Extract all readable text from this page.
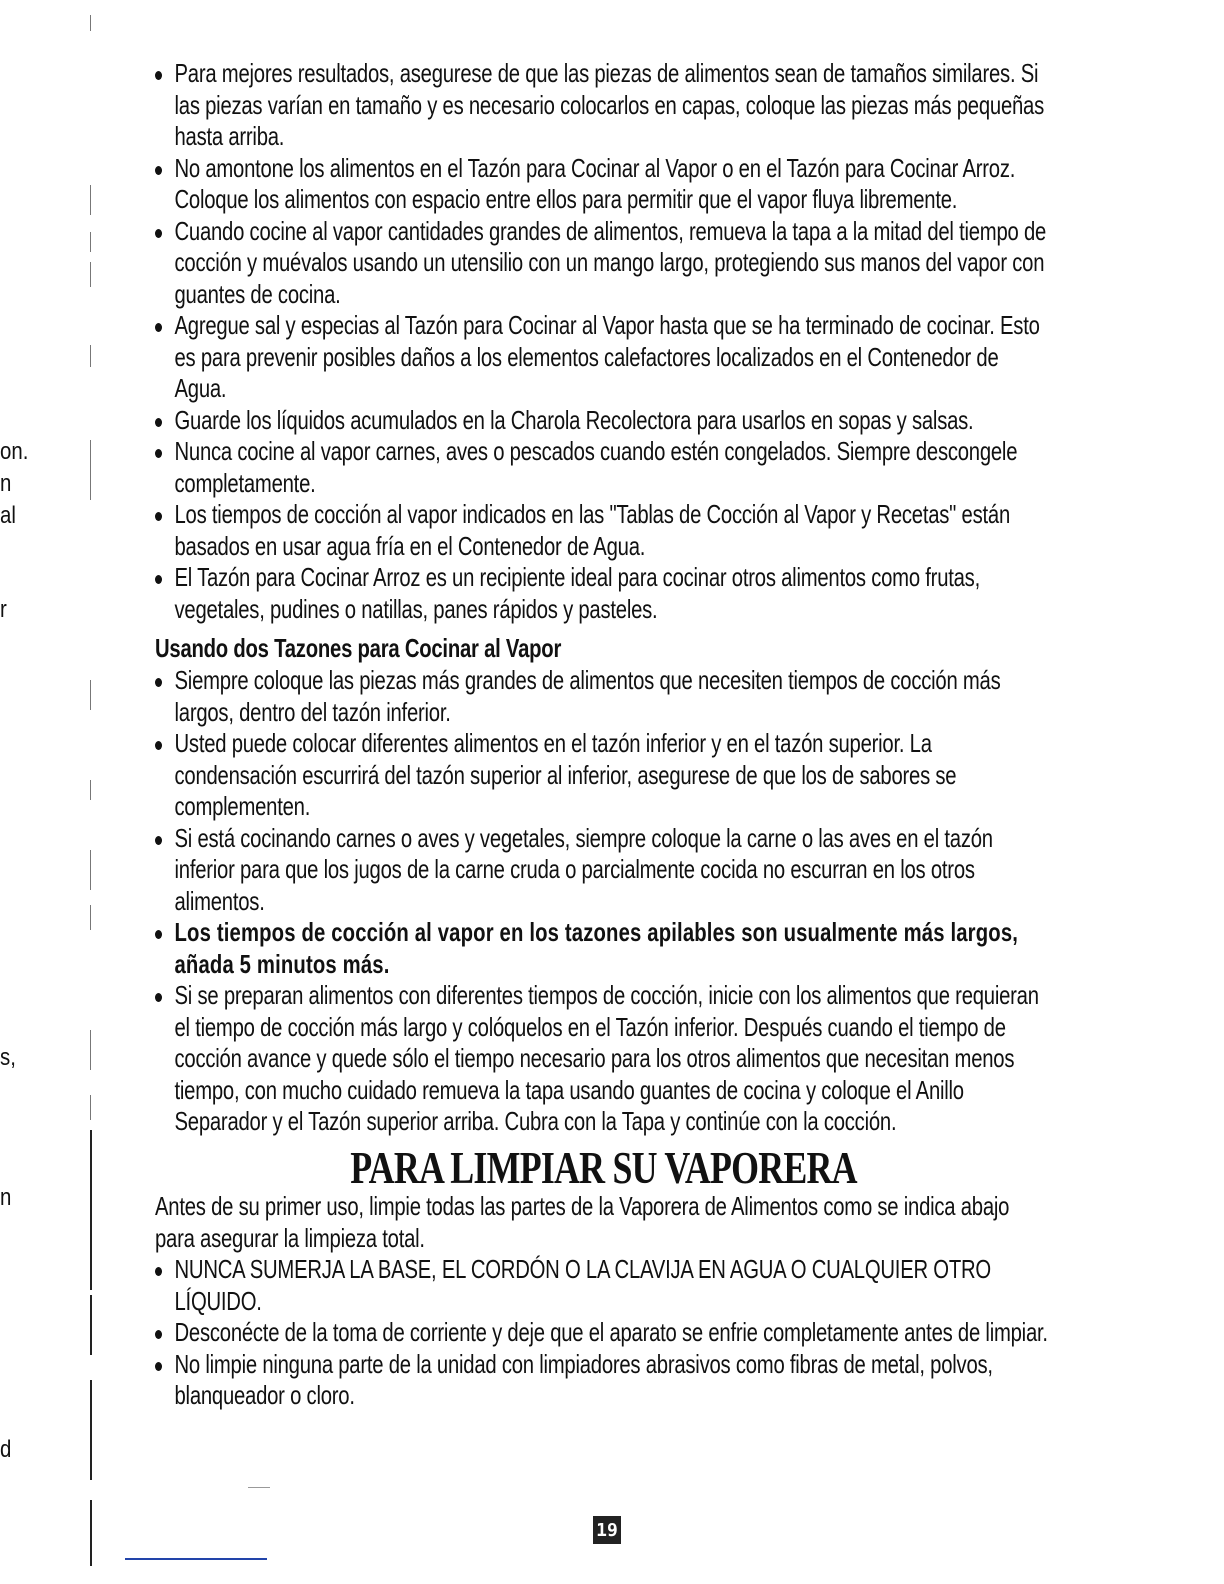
on.
n
al
r
s,
n
d
Para mejores resultados, asegurese de que las piezas de alimentos sean de tamaños similares. Si las piezas varían en tamaño y es necesario colocarlos en capas, coloque las piezas más pequeñas hasta arriba.
No amontone los alimentos en el Tazón para Cocinar al Vapor o en el Tazón para Cocinar Arroz. Coloque los alimentos con espacio entre ellos para permitir que el vapor fluya libremente.
Cuando cocine al vapor cantidades grandes de alimentos, remueva la tapa a la mitad del tiempo de cocción y muévalos usando un utensilio con un mango largo, protegiendo sus manos del vapor con guantes de cocina.
Agregue sal y especias al Tazón para Cocinar al Vapor hasta que se ha terminado de cocinar. Esto es para prevenir posibles daños a los elementos calefactores localizados en el Contenedor de Agua.
Guarde los líquidos acumulados en la Charola Recolectora para usarlos en sopas y salsas.
Nunca cocine al vapor carnes, aves o pescados cuando estén congelados. Siempre descongele completamente.
Los tiempos de cocción al vapor indicados en las "Tablas de Cocción al Vapor y Recetas" están basados en usar agua fría en el Contenedor de Agua.
El Tazón para Cocinar Arroz es un recipiente ideal para cocinar otros alimentos como frutas, vegetales, pudines o natillas, panes rápidos y pasteles.
Usando dos Tazones para Cocinar al Vapor
Siempre coloque las piezas más grandes de alimentos que necesiten tiempos de cocción más largos, dentro del tazón inferior.
Usted puede colocar diferentes alimentos en el tazón inferior y en el tazón superior. La condensación escurrirá del tazón superior al inferior, asegurese de que los de sabores se complementen.
Si está cocinando carnes o aves y vegetales, siempre coloque la carne o las aves en el tazón inferior para que los jugos de la carne cruda o parcialmente cocida no escurran en los otros alimentos.
Los tiempos de cocción al vapor en los tazones apilables son usualmente más largos, añada 5 minutos más.
Si se preparan alimentos con diferentes tiempos de cocción, inicie con los alimentos que requieran el tiempo de cocción más largo y colóquelos en el Tazón inferior. Después cuando el tiempo de cocción avance y quede sólo el tiempo necesario para los otros alimentos que necesitan menos tiempo, con mucho cuidado remueva la tapa usando guantes de cocina y coloque el Anillo Separador y el Tazón superior arriba. Cubra con la Tapa y continúe con la cocción.
PARA LIMPIAR SU VAPORERA
Antes de su primer uso, limpie todas las partes de la Vaporera de Alimentos como se indica abajo para asegurar la limpieza total.
NUNCA SUMERJA LA BASE, EL CORDÓN O LA CLAVIJA EN AGUA O CUALQUIER OTRO LÍQUIDO.
Desconécte de la toma de corriente y deje que el aparato se enfrie completamente antes de limpiar.
No limpie ninguna parte de la unidad con limpiadores abrasivos como fibras de metal, polvos, blanqueador o cloro.
19
